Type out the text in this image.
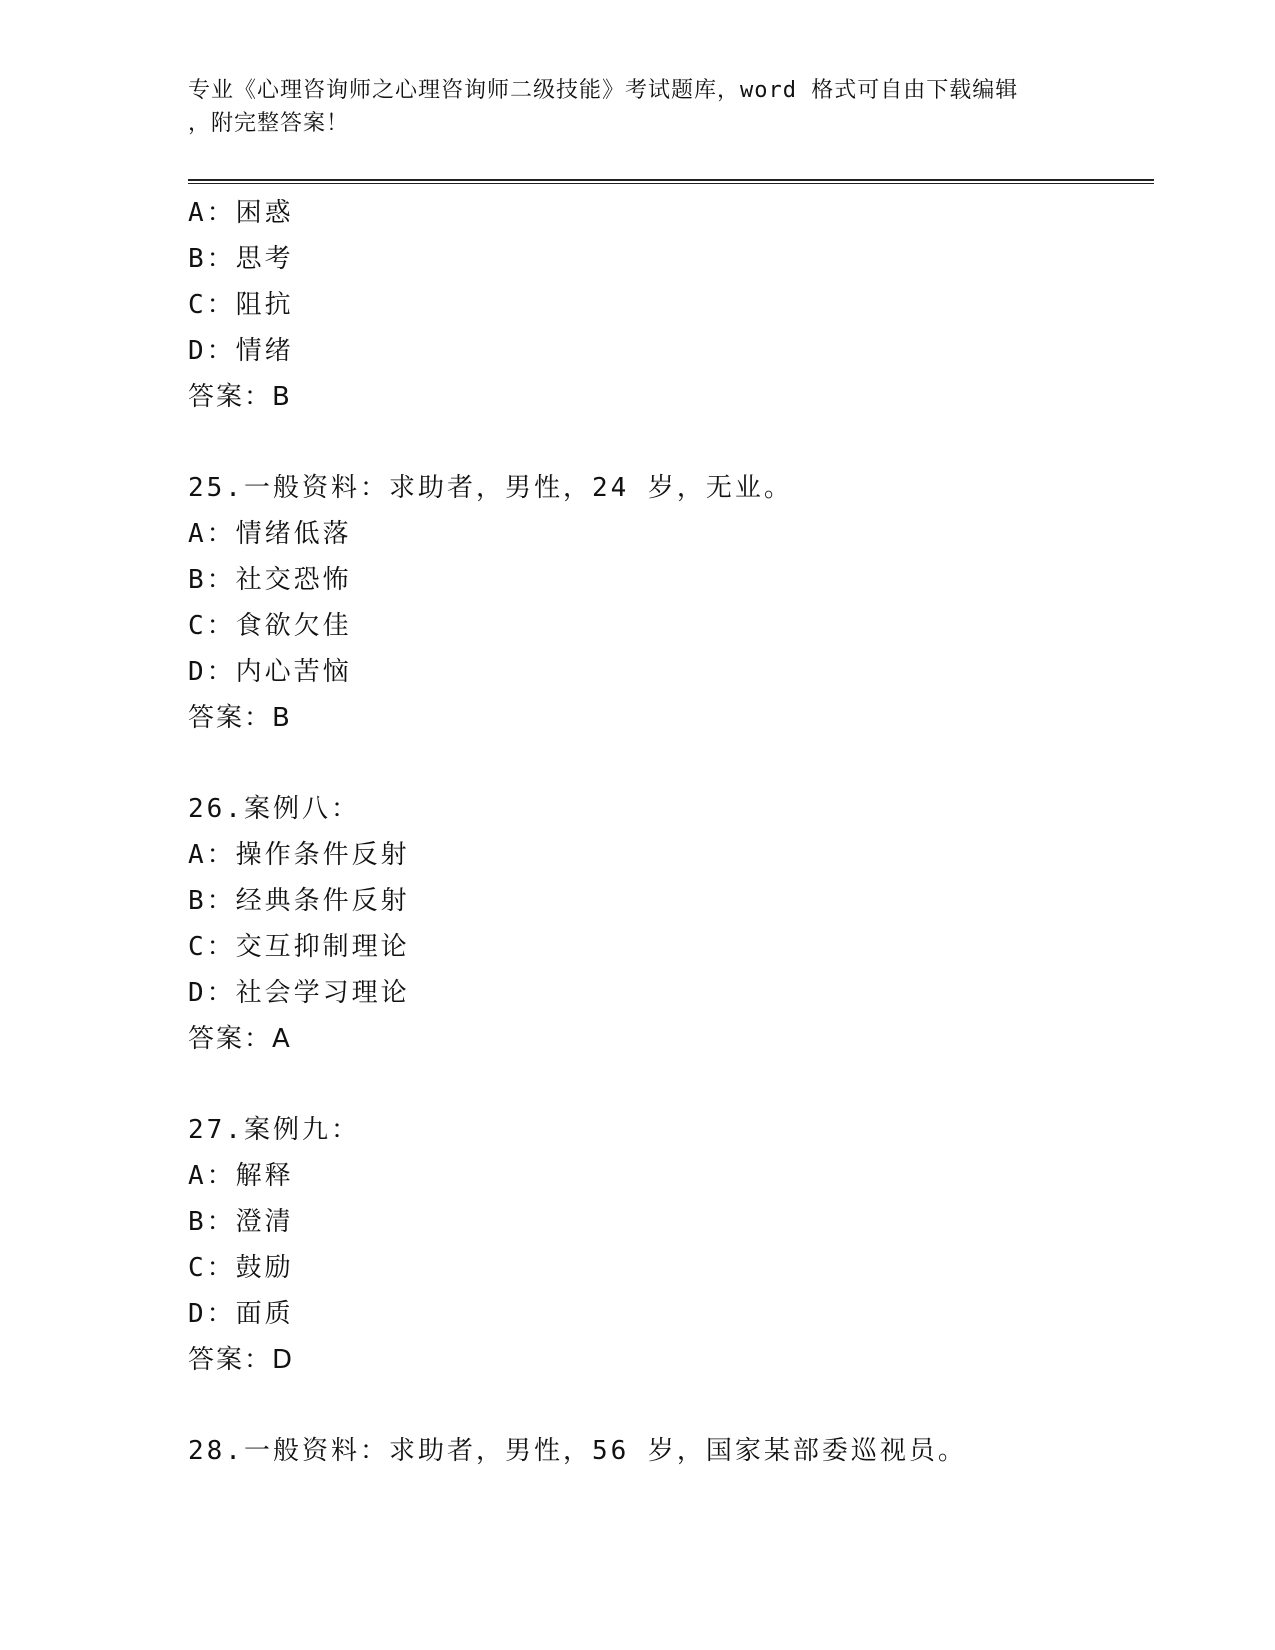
专业《心理咨询师之心理咨询师二级技能》考试题库，word 格式可自由下载编辑
，附完整答案！
A：困惑
B：思考
C：阻抗
D：情绪
答案：B
25.一般资料：求助者，男性，24 岁，无业。
A：情绪低落
B：社交恐怖
C：食欲欠佳
D：内心苦恼
答案：B
26.案例八：
A：操作条件反射
B：经典条件反射
C：交互抑制理论
D：社会学习理论
答案：A
27.案例九：
A：解释
B：澄清
C：鼓励
D：面质
答案：D
28.一般资料：求助者，男性，56 岁，国家某部委巡视员。
